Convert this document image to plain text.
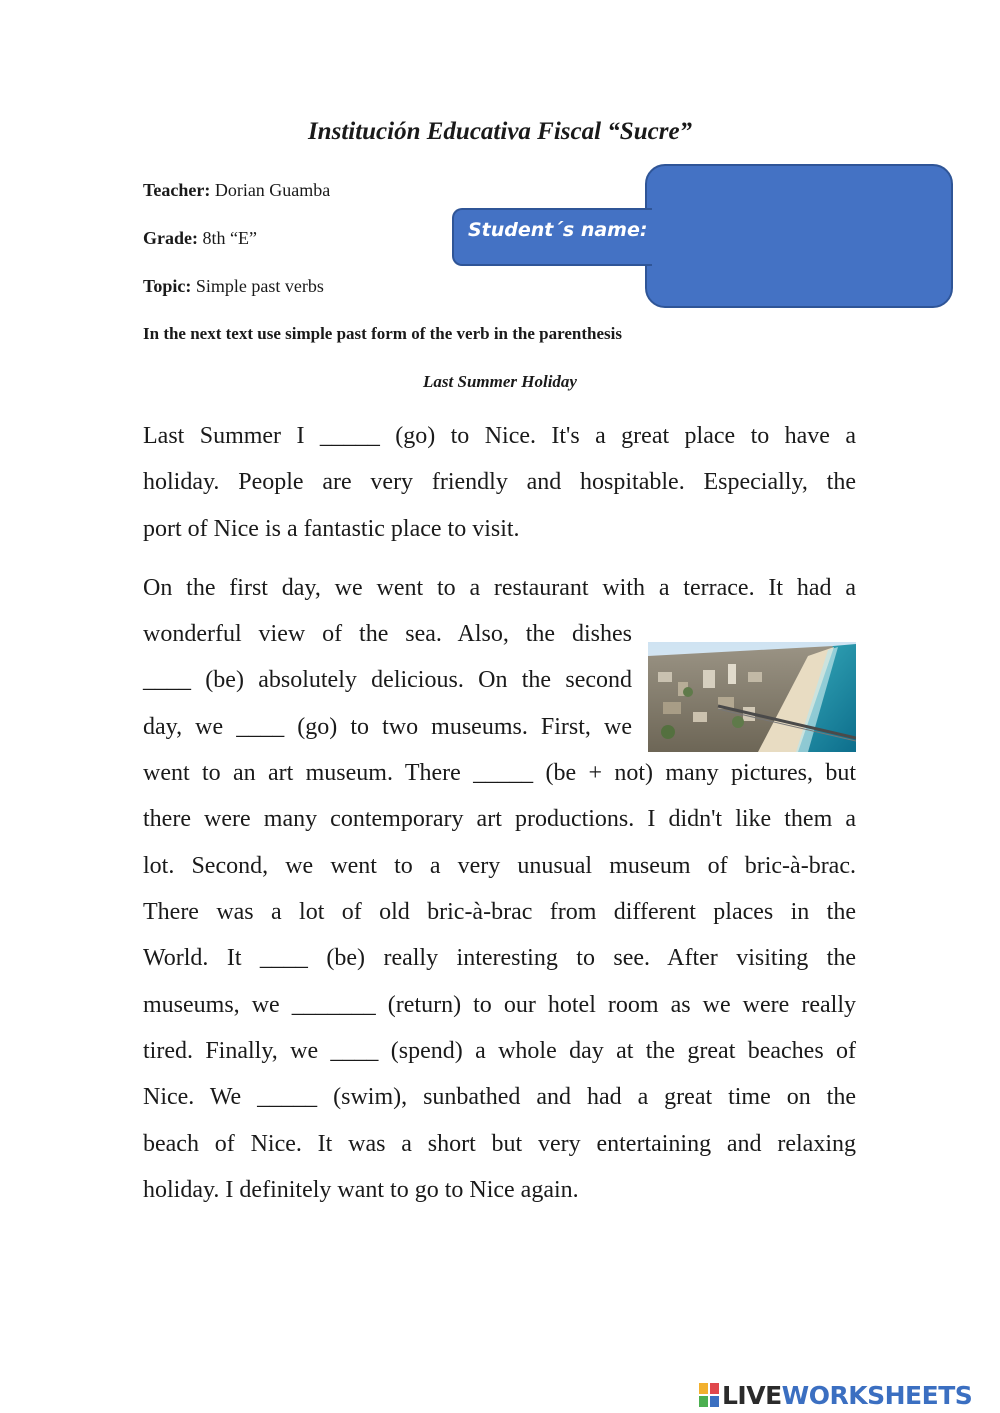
Institución Educativa Fiscal “Sucre”
Teacher: Dorian Guamba
Grade: 8th “E”
Topic: Simple past verbs
Student´s name:
In the next text use simple past form of the verb in the parenthesis
Last Summer Holiday
Last Summer I _____ (go) to Nice. It's a great place to have a
holiday. People are very friendly and hospitable. Especially, the
port of Nice is a fantastic place to visit.
On the first day, we went to a restaurant with a terrace. It had a
wonderful view of the sea. Also, the dishes
____ (be) absolutely delicious. On the second
day, we ____ (go) to two museums. First, we
went to an art museum. There _____ (be + not) many pictures, but
there were many contemporary art productions. I didn't like them a
lot. Second, we went to a very unusual museum of bric-à-brac.
There was a lot of old bric-à-brac from different places in the
World. It ____ (be) really interesting to see. After visiting the
museums, we _______ (return) to our hotel room as we were really
tired. Finally, we ____ (spend) a whole day at the great beaches of
Nice. We _____ (swim), sunbathed and had a great time on the
beach of Nice. It was a short but very entertaining and relaxing
holiday. I definitely want to go to Nice again.
LIVEWORKSHEETS
